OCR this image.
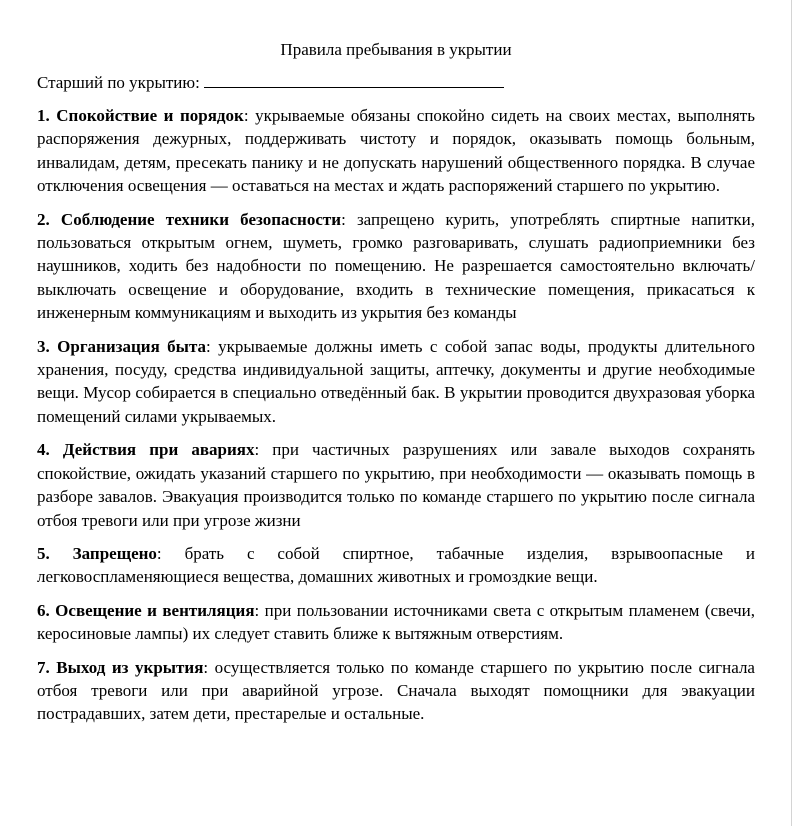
Правила пребывания в укрытии
Старший по укрытию:

1. Спокойствие и порядок: укрываемые обязаны спокойно сидеть на своих местах, выполнять распоряжения дежурных, поддерживать чистоту и порядок, оказывать помощь больным, инвалидам, детям, пресекать панику и не допускать нарушений общественного порядка. В случае отключения освещения — оставаться на местах и ждать распоряжений старшего по укрытию.

2. Соблюдение техники безопасности: запрещено курить, употреблять спиртные напитки, пользоваться открытым огнем, шуметь, громко разговаривать, слушать радиоприемники без наушников, ходить без надобности по помещению. Не разрешается самостоятельно включать/выключать освещение и оборудование, входить в технические помещения, прикасаться к инженерным коммуникациям и выходить из укрытия без команды

3. Организация быта: укрываемые должны иметь с собой запас воды, продукты длительного хранения, посуду, средства индивидуальной защиты, аптечку, документы и другие необходимые вещи. Мусор собирается в специально отведённый бак. В укрытии проводится двухразовая уборка помещений силами укрываемых.

4. Действия при авариях: при частичных разрушениях или завале выходов сохранять спокойствие, ожидать указаний старшего по укрытию, при необходимости — оказывать помощь в разборе завалов. Эвакуация производится только по команде старшего по укрытию после сигнала отбоя тревоги или при угрозе жизни

5. Запрещено: брать с собой спиртное, табачные изделия, взрывоопасные и легковоспламеняющиеся вещества, домашних животных и громоздкие вещи.

6. Освещение и вентиляция: при пользовании источниками света с открытым пламенем (свечи, керосиновые лампы) их следует ставить ближе к вытяжным отверстиям.

7. Выход из укрытия: осуществляется только по команде старшего по укрытию после сигнала отбоя тревоги или при аварийной угрозе. Сначала выходят помощники для эвакуации пострадавших, затем дети, престарелые и остальные.
